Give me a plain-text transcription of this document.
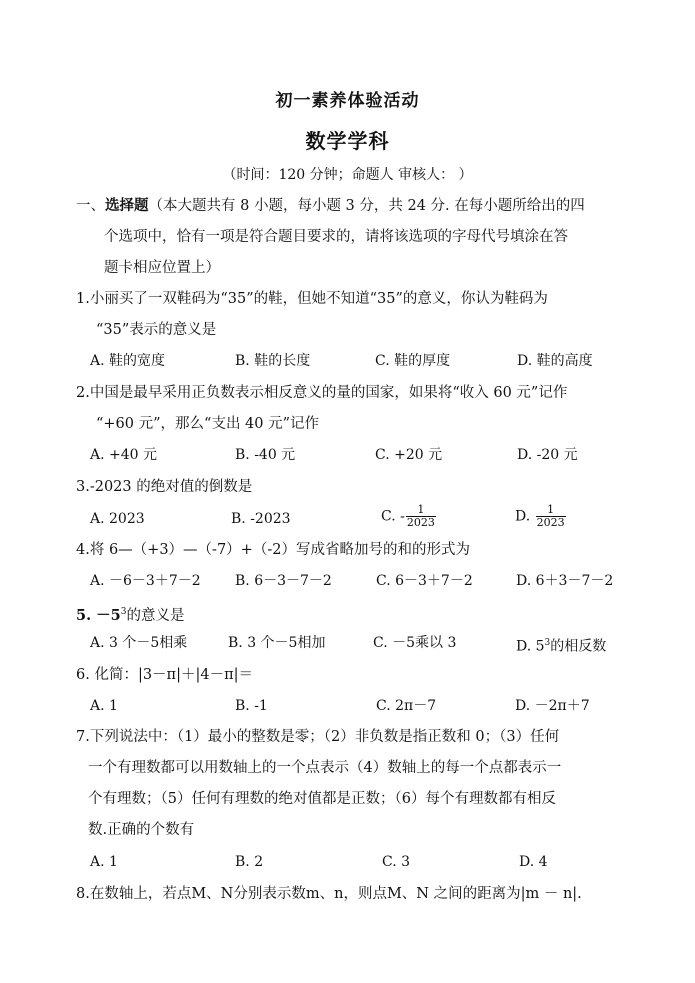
初一素养体验活动
数学学科
（时间：120 分钟；命题人 审核人： ）
一、选择题（本大题共有 8 小题，每小题 3 分，共 24 分. 在每小题所给出的四
个选项中，恰有一项是符合题目要求的，请将该选项的字母代号填涂在答
题卡相应位置上）
1.小丽买了一双鞋码为“35”的鞋，但她不知道“35”的意义，你认为鞋码为
“35”表示的意义是
A. 鞋的宽度	B. 鞋的长度	C. 鞋的厚度	D. 鞋的高度
2.中国是最早采用正负数表示相反意义的量的国家，如果将“收入 60 元”记作
“+60 元”，那么“支出 40 元”记作
A. +40 元	B. -40 元	C. +20 元	D. -20 元
3.-2023 的绝对值的倒数是
A. 2023	B. -2023	C. - $\frac{1}{2023}$	D. $\frac{1}{2023}$
4.将 6—（+3）—（-7）+（-2）写成省略加号的和的形式为
A. －6－3＋7－2 B. 6－3－7－2	C. 6－3＋7－2	D. 6＋3－7－2
5. $-5^3$的意义是
A. 3 个－5相乘	B. 3 个－5相加	C. －5乘以 3	D. $5^3$的相反数
6. 化简：|3－π|＋|4－π|＝
A. 1	B. -1	C. 2π－7	D. －2π＋7
7.下列说法中：（1）最小的整数是零；（2）非负数是指正数和 0；（3）任何
一个有理数都可以用数轴上的一个点表示（4）数轴上的每一个点都表示一
个有理数；（5）任何有理数的绝对值都是正数；（6）每个有理数都有相反
数.正确的个数有
A. 1	B. 2	C. 3	D. 4
8.在数轴上，若点M、N分别表示数m、n，则点M、N 之间的距离为|m － n|.
